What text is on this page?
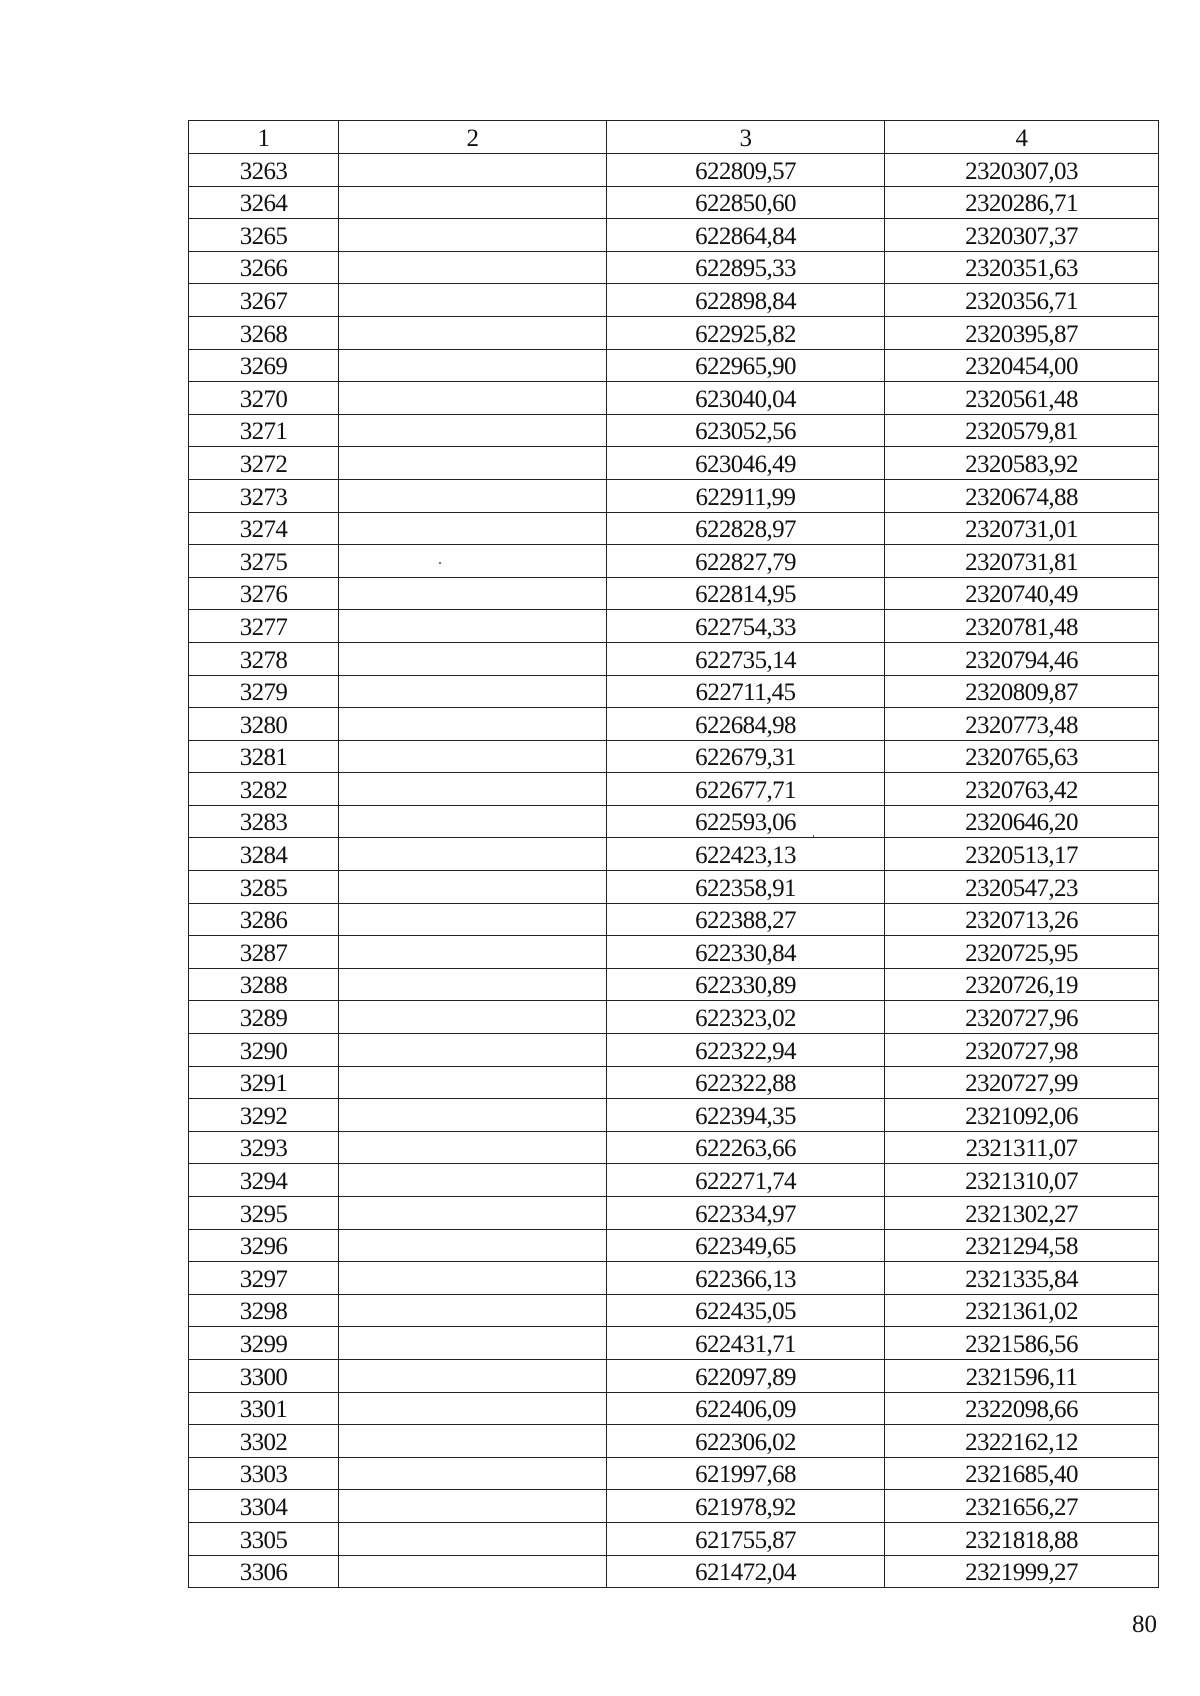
1	2	3	4
3263		622809,57	2320307,03
3264		622850,60	2320286,71
3265		622864,84	2320307,37
3266		622895,33	2320351,63
3267		622898,84	2320356,71
3268		622925,82	2320395,87
3269		622965,90	2320454,00
3270		623040,04	2320561,48
3271		623052,56	2320579,81
3272		623046,49	2320583,92
3273		622911,99	2320674,88
3274		622828,97	2320731,01
3275		622827,79	2320731,81
3276		622814,95	2320740,49
3277		622754,33	2320781,48
3278		622735,14	2320794,46
3279		622711,45	2320809,87
3280		622684,98	2320773,48
3281		622679,31	2320765,63
3282		622677,71	2320763,42
3283		622593,06	2320646,20
3284		622423,13	2320513,17
3285		622358,91	2320547,23
3286		622388,27	2320713,26
3287		622330,84	2320725,95
3288		622330,89	2320726,19
3289		622323,02	2320727,96
3290		622322,94	2320727,98
3291		622322,88	2320727,99
3292		622394,35	2321092,06
3293		622263,66	2321311,07
3294		622271,74	2321310,07
3295		622334,97	2321302,27
3296		622349,65	2321294,58
3297		622366,13	2321335,84
3298		622435,05	2321361,02
3299		622431,71	2321586,56
3300		622097,89	2321596,11
3301		622406,09	2322098,66
3302		622306,02	2322162,12
3303		621997,68	2321685,40
3304		621978,92	2321656,27
3305		621755,87	2321818,88
3306		621472,04	2321999,27
80
